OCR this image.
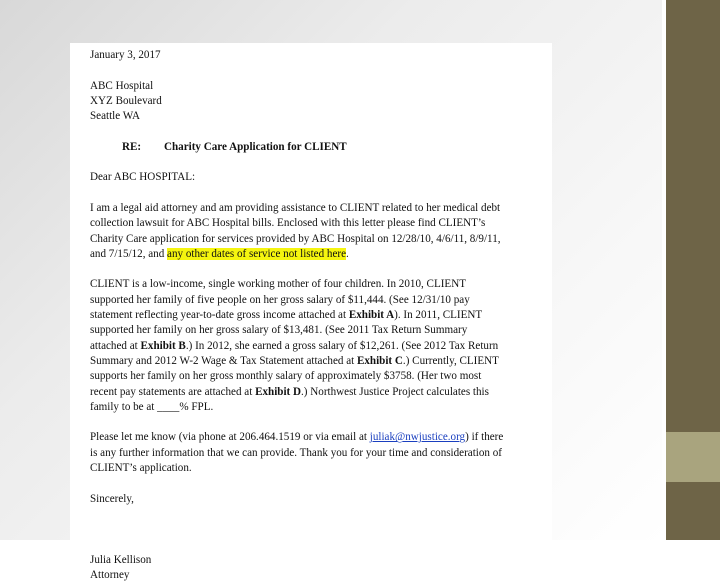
January 3, 2017
ABC Hospital
XYZ Boulevard
Seattle WA
RE: Charity Care Application for CLIENT
Dear ABC HOSPITAL:
I am a legal aid attorney and am providing assistance to CLIENT related to her medical debt
collection lawsuit for ABC Hospital bills. Enclosed with this letter please find CLIENT’s
Charity Care application for services provided by ABC Hospital on 12/28/10, 4/6/11, 8/9/11,
and 7/15/12, and any other dates of service not listed here.
CLIENT is a low-income, single working mother of four children. In 2010, CLIENT
supported her family of five people on her gross salary of $11,444. (See 12/31/10 pay
statement reflecting year-to-date gross income attached at Exhibit A). In 2011, CLIENT
supported her family on her gross salary of $13,481. (See 2011 Tax Return Summary
attached at Exhibit B.) In 2012, she earned a gross salary of $12,261. (See 2012 Tax Return
Summary and 2012 W-2 Wage & Tax Statement attached at Exhibit C.) Currently, CLIENT
supports her family on her gross monthly salary of approximately $3758. (Her two most
recent pay statements are attached at Exhibit D.) Northwest Justice Project calculates this
family to be at ____% FPL.
Please let me know (via phone at 206.464.1519 or via email at juliak@nwjustice.org) if there
is any further information that we can provide. Thank you for your time and consideration of
CLIENT’s application.
Sincerely,
Julia Kellison
Attorney
